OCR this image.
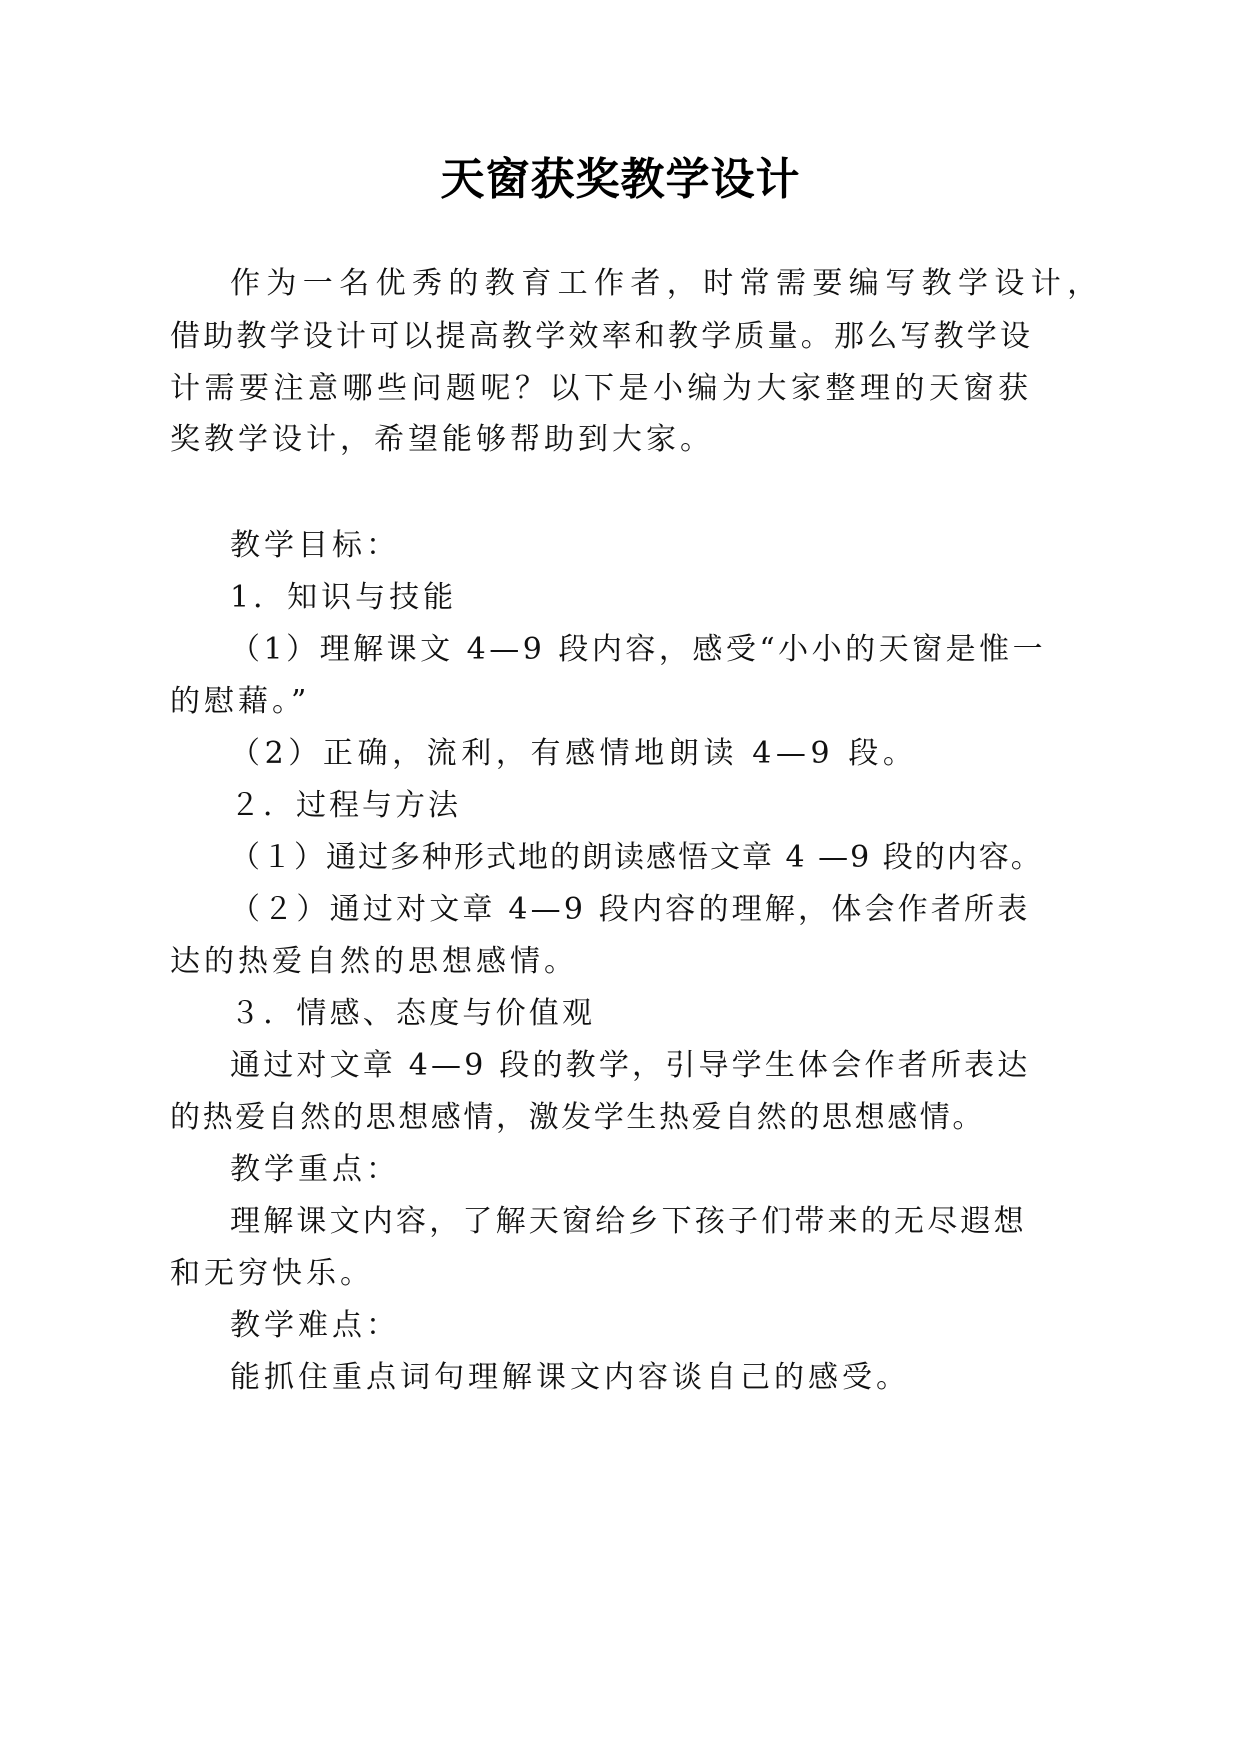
天窗获奖教学设计
作为一名优秀的教育工作者，时常需要编写教学设计，
借助教学设计可以提高教学效率和教学质量。那么写教学设
计需要注意哪些问题呢？以下是小编为大家整理的天窗获
奖教学设计，希望能够帮助到大家。
教学目标：
1．知识与技能
（1）理解课文 4—9 段内容，感受“小小的天窗是惟一
的慰藉。”
（2）正确，流利，有感情地朗读 4—9 段。
２．过程与方法
（１）通过多种形式地的朗读感悟文章 4 —9 段的内容。
（２）通过对文章 4—9 段内容的理解，体会作者所表
达的热爱自然的思想感情。
３．情感、态度与价值观
通过对文章 4—9 段的教学，引导学生体会作者所表达
的热爱自然的思想感情，激发学生热爱自然的思想感情。
教学重点：
理解课文内容，了解天窗给乡下孩子们带来的无尽遐想
和无穷快乐。
教学难点：
能抓住重点词句理解课文内容谈自己的感受。
